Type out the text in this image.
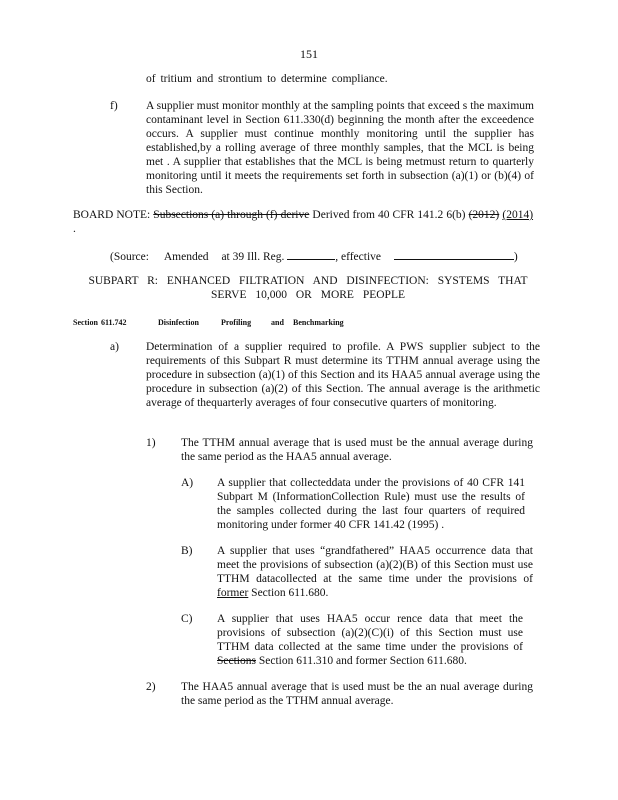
151
of tritium and strontium to determine compliance.
f) A supplier must monitor monthly at the sampling points that exceed s the maximum contaminant level in Section 611.330(d) beginning the month after the exceedence occurs. A supplier must continue monthly monitoring until the supplier has established,by a rolling average of three monthly samples, that the MCL is being met . A supplier that establishes that the MCL is being metmust return to quarterly monitoring until it meets the requirements set forth in subsection (a)(1) or (b)(4) of this Section.
BOARD NOTE: Subsections (a) through (f) derive Derived from 40 CFR 141.2 6(b) (2012) (2014) .
(Source: Amended at 39 Ill. Reg.	, effective	)
SUBPART R: ENHANCED FILTRATION AND DISINFECTION: SYSTEMS THAT
SERVE 10,000 OR MORE PEOPLE
Section 611.742	Disinfection	Profiling and Benchmarking
a) Determination of a supplier required to profile. A PWS supplier subject to the requirements of this Subpart R must determine its TTHM annual average using the procedure in subsection (a)(1) of this Section and its HAA5 annual average using the procedure in subsection (a)(2) of this Section. The annual average is the arithmetic average of thequarterly averages of four consecutive quarters of monitoring.
1) The TTHM annual average that is used must be the annual average during the same period as the HAA5 annual average.
A) A supplier that collecteddata under the provisions of 40 CFR 141 Subpart M (InformationCollection Rule) must use the results of the samples collected during the last four quarters of required monitoring under former 40 CFR 141.42 (1995) .
B) A supplier that uses “grandfathered” HAA5 occurrence data that meet the provisions of subsection (a)(2)(B) of this Section must use TTHM datacollected at the same time under the provisions of former Section 611.680.
C) A supplier that uses HAA5 occur rence data that meet the provisions of subsection (a)(2)(C)(i) of this Section must use TTHM data collected at the same time under the provisions of Sections Section 611.310 and former Section 611.680.
2) The HAA5 annual average that is used must be the an nual average during the same period as the TTHM annual average.
